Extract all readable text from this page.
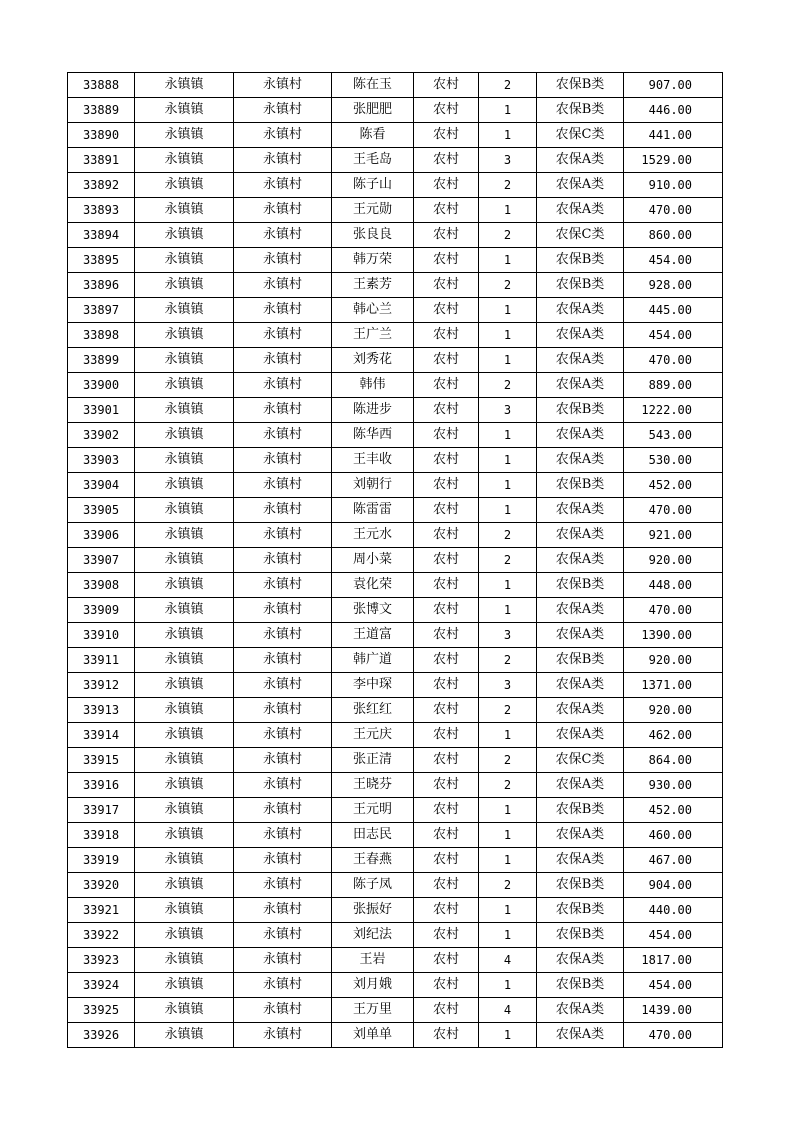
33888	永镇镇	永镇村	陈在玉	农村	2	农保B类	907.00
33889	永镇镇	永镇村	张肥肥	农村	1	农保B类	446.00
33890	永镇镇	永镇村	陈看	农村	1	农保C类	441.00
33891	永镇镇	永镇村	王毛岛	农村	3	农保A类	1529.00
33892	永镇镇	永镇村	陈子山	农村	2	农保A类	910.00
33893	永镇镇	永镇村	王元勋	农村	1	农保A类	470.00
33894	永镇镇	永镇村	张良良	农村	2	农保C类	860.00
33895	永镇镇	永镇村	韩万荣	农村	1	农保B类	454.00
33896	永镇镇	永镇村	王素芳	农村	2	农保B类	928.00
33897	永镇镇	永镇村	韩心兰	农村	1	农保A类	445.00
33898	永镇镇	永镇村	王广兰	农村	1	农保A类	454.00
33899	永镇镇	永镇村	刘秀花	农村	1	农保A类	470.00
33900	永镇镇	永镇村	韩伟	农村	2	农保A类	889.00
33901	永镇镇	永镇村	陈进步	农村	3	农保B类	1222.00
33902	永镇镇	永镇村	陈华西	农村	1	农保A类	543.00
33903	永镇镇	永镇村	王丰收	农村	1	农保A类	530.00
33904	永镇镇	永镇村	刘朝行	农村	1	农保B类	452.00
33905	永镇镇	永镇村	陈雷雷	农村	1	农保A类	470.00
33906	永镇镇	永镇村	王元水	农村	2	农保A类	921.00
33907	永镇镇	永镇村	周小菜	农村	2	农保A类	920.00
33908	永镇镇	永镇村	袁化荣	农村	1	农保B类	448.00
33909	永镇镇	永镇村	张博文	农村	1	农保A类	470.00
33910	永镇镇	永镇村	王道富	农村	3	农保A类	1390.00
33911	永镇镇	永镇村	韩广道	农村	2	农保B类	920.00
33912	永镇镇	永镇村	李中琛	农村	3	农保A类	1371.00
33913	永镇镇	永镇村	张红红	农村	2	农保A类	920.00
33914	永镇镇	永镇村	王元庆	农村	1	农保A类	462.00
33915	永镇镇	永镇村	张正清	农村	2	农保C类	864.00
33916	永镇镇	永镇村	王晓芬	农村	2	农保A类	930.00
33917	永镇镇	永镇村	王元明	农村	1	农保B类	452.00
33918	永镇镇	永镇村	田志民	农村	1	农保A类	460.00
33919	永镇镇	永镇村	王春燕	农村	1	农保A类	467.00
33920	永镇镇	永镇村	陈子凤	农村	2	农保B类	904.00
33921	永镇镇	永镇村	张振好	农村	1	农保B类	440.00
33922	永镇镇	永镇村	刘纪法	农村	1	农保B类	454.00
33923	永镇镇	永镇村	王岩	农村	4	农保A类	1817.00
33924	永镇镇	永镇村	刘月娥	农村	1	农保B类	454.00
33925	永镇镇	永镇村	王万里	农村	4	农保A类	1439.00
33926	永镇镇	永镇村	刘单单	农村	1	农保A类	470.00
